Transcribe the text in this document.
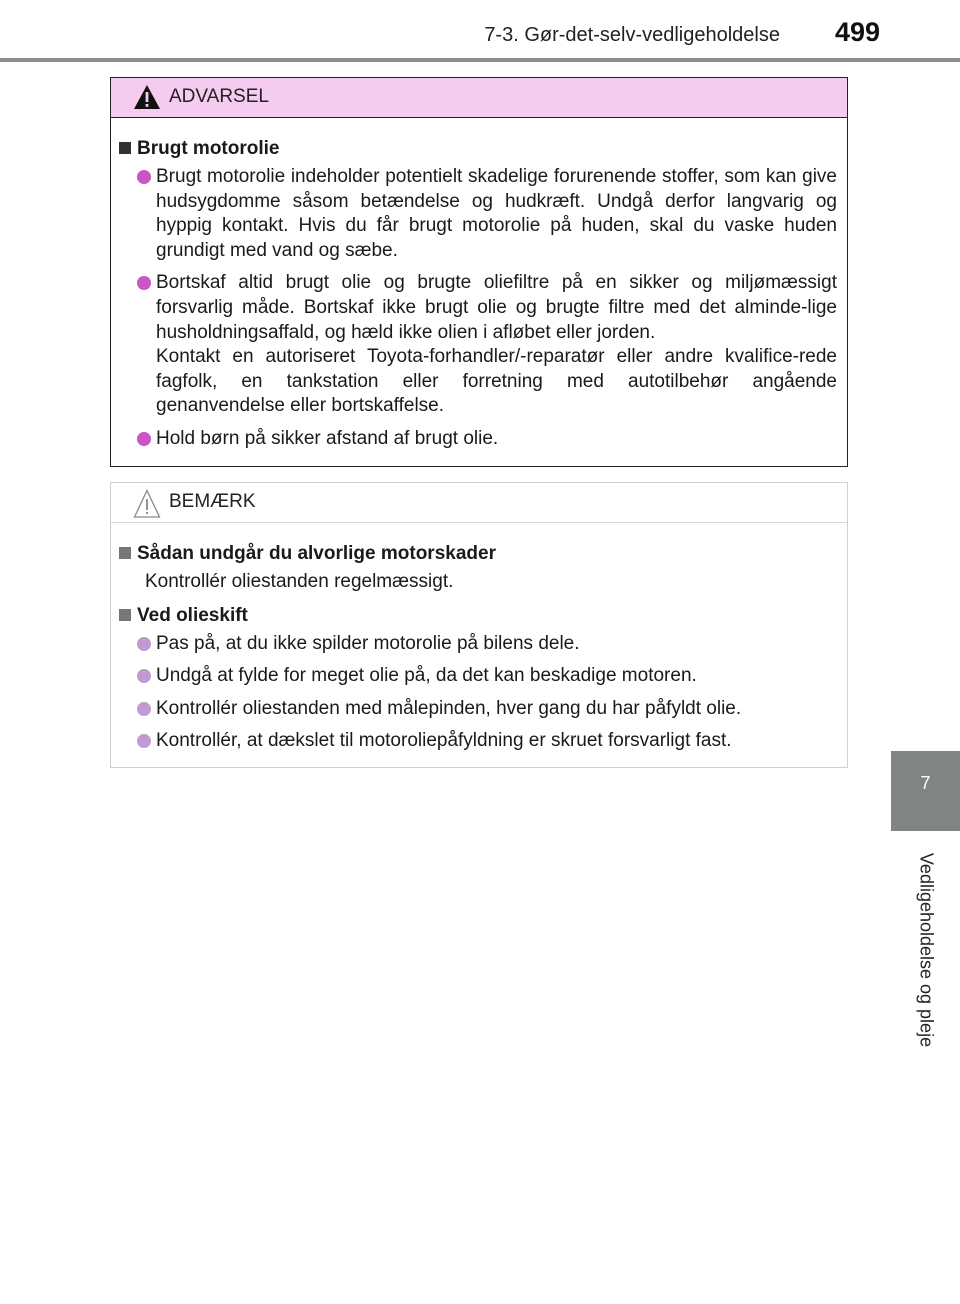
7-3. Gør-det-selv-vedligeholdelse	499
7
Vedligeholdelse og pleje
ADVARSEL
Brugt motorolie

Brugt motorolie indeholder potentielt skadelige forurenende stoffer, som kan give hudsygdomme såsom betændelse og hudkræft. Undgå derfor langvarig og hyppig kontakt. Hvis du får brugt motorolie på huden, skal du vaske huden grundigt med vand og sæbe.

Bortskaf altid brugt olie og brugte oliefiltre på en sikker og miljømæssigt forsvarlig måde. Bortskaf ikke brugt olie og brugte filtre med det alminde-lige husholdningsaffald, og hæld ikke olien i afløbet eller jorden.

Kontakt en autoriseret Toyota-forhandler/-reparatør eller andre kvalifice-rede fagfolk, en tankstation eller forretning med autotilbehør angående genanvendelse eller bortskaffelse.

Hold børn på sikker afstand af brugt olie.

BEMÆRK
Sådan undgår du alvorlige motorskader
Kontrollér oliestanden regelmæssigt.
Ved olieskift

Pas på, at du ikke spilder motorolie på bilens dele.

Undgå at fylde for meget olie på, da det kan beskadige motoren.

Kontrollér oliestanden med målepinden, hver gang du har påfyldt olie.

Kontrollér, at dækslet til motoroliepåfyldning er skruet forsvarligt fast.
